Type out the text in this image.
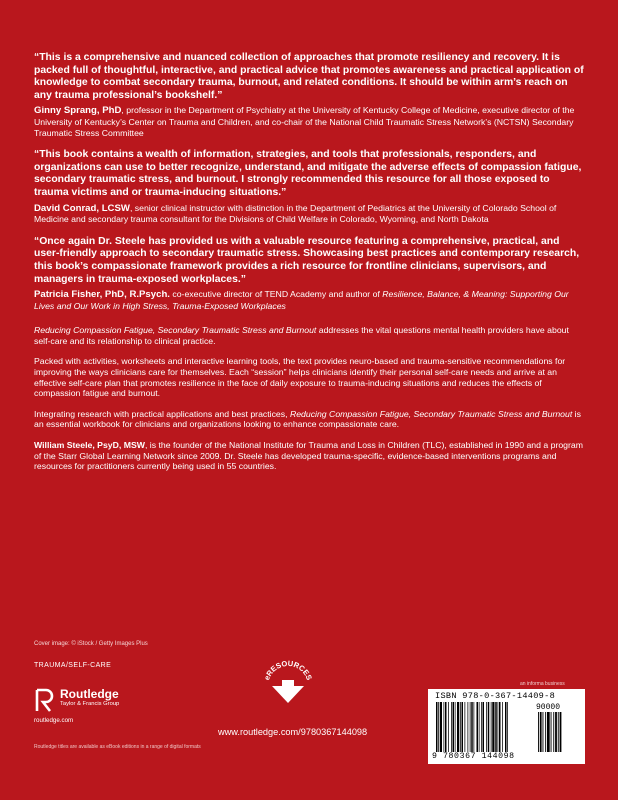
“This is a comprehensive and nuanced collection of approaches that promote resiliency and recovery. It is packed full of thoughtful, interactive, and practical advice that promotes awareness and practical application of knowledge to combat secondary trauma, burnout, and related conditions. It should be within arm’s reach on any trauma professional’s bookshelf.”

Ginny Sprang, PhD, professor in the Department of Psychiatry at the University of Kentucky College of Medicine, executive director of the University of Kentucky’s Center on Trauma and Children, and co-chair of the National Child Traumatic Stress Network’s (NCTSN) Secondary Traumatic Stress Committee

“This book contains a wealth of information, strategies, and tools that professionals, responders, and organizations can use to better recognize, understand, and mitigate the adverse effects of compassion fatigue, secondary traumatic stress, and burnout. I strongly recommended this resource for all those exposed to trauma victims and or trauma-inducing situations.”

David Conrad, LCSW, senior clinical instructor with distinction in the Department of Pediatrics at the University of Colorado School of Medicine and secondary trauma consultant for the Divisions of Child Welfare in Colorado, Wyoming, and North Dakota

“Once again Dr. Steele has provided us with a valuable resource featuring a comprehensive, practical, and user-friendly approach to secondary traumatic stress. Showcasing best practices and contemporary research, this book’s compassionate framework provides a rich resource for frontline clinicians, supervisors, and managers in trauma-exposed workplaces.”

Patricia Fisher, PhD, R.Psych. co-executive director of TEND Academy and author of Resilience, Balance, & Meaning: Supporting Our Lives and Our Work in High Stress, Trauma-Exposed Workplaces

Reducing Compassion Fatigue, Secondary Traumatic Stress and Burnout addresses the vital questions mental health providers have about self-care and its relationship to clinical practice.

Packed with activities, worksheets and interactive learning tools, the text provides neuro-based and trauma-sensitive recommendations for improving the ways clinicians care for themselves. Each “session” helps clinicians identify their personal self-care needs and arrive at an effective self-care plan that promotes resilience in the face of daily exposure to trauma-inducing situations and reduces the effects of compassion fatigue and burnout.

Integrating research with practical applications and best practices, Reducing Compassion Fatigue, Secondary Traumatic Stress and Burnout is an essential workbook for clinicians and organizations looking to enhance compassionate care.

William Steele, PsyD, MSW, is the founder of the National Institute for Trauma and Loss in Children (TLC), established in 1990 and a program of the Starr Global Learning Network since 2009. Dr. Steele has developed trauma-specific, evidence-based interventions programs and resources for practitioners currently being used in 55 countries.

Cover image: © iStock / Getty Images Plus
TRAUMA/SELF-CARE
Routledge
Taylor & Francis Group
routledge.com
Routledge titles are available as eBook editions in a range of digital formats
eRESOURCES
www.routledge.com/9780367144098
an informa business
ISBN 978-0-367-14409-8
90000
9 780367 144098
